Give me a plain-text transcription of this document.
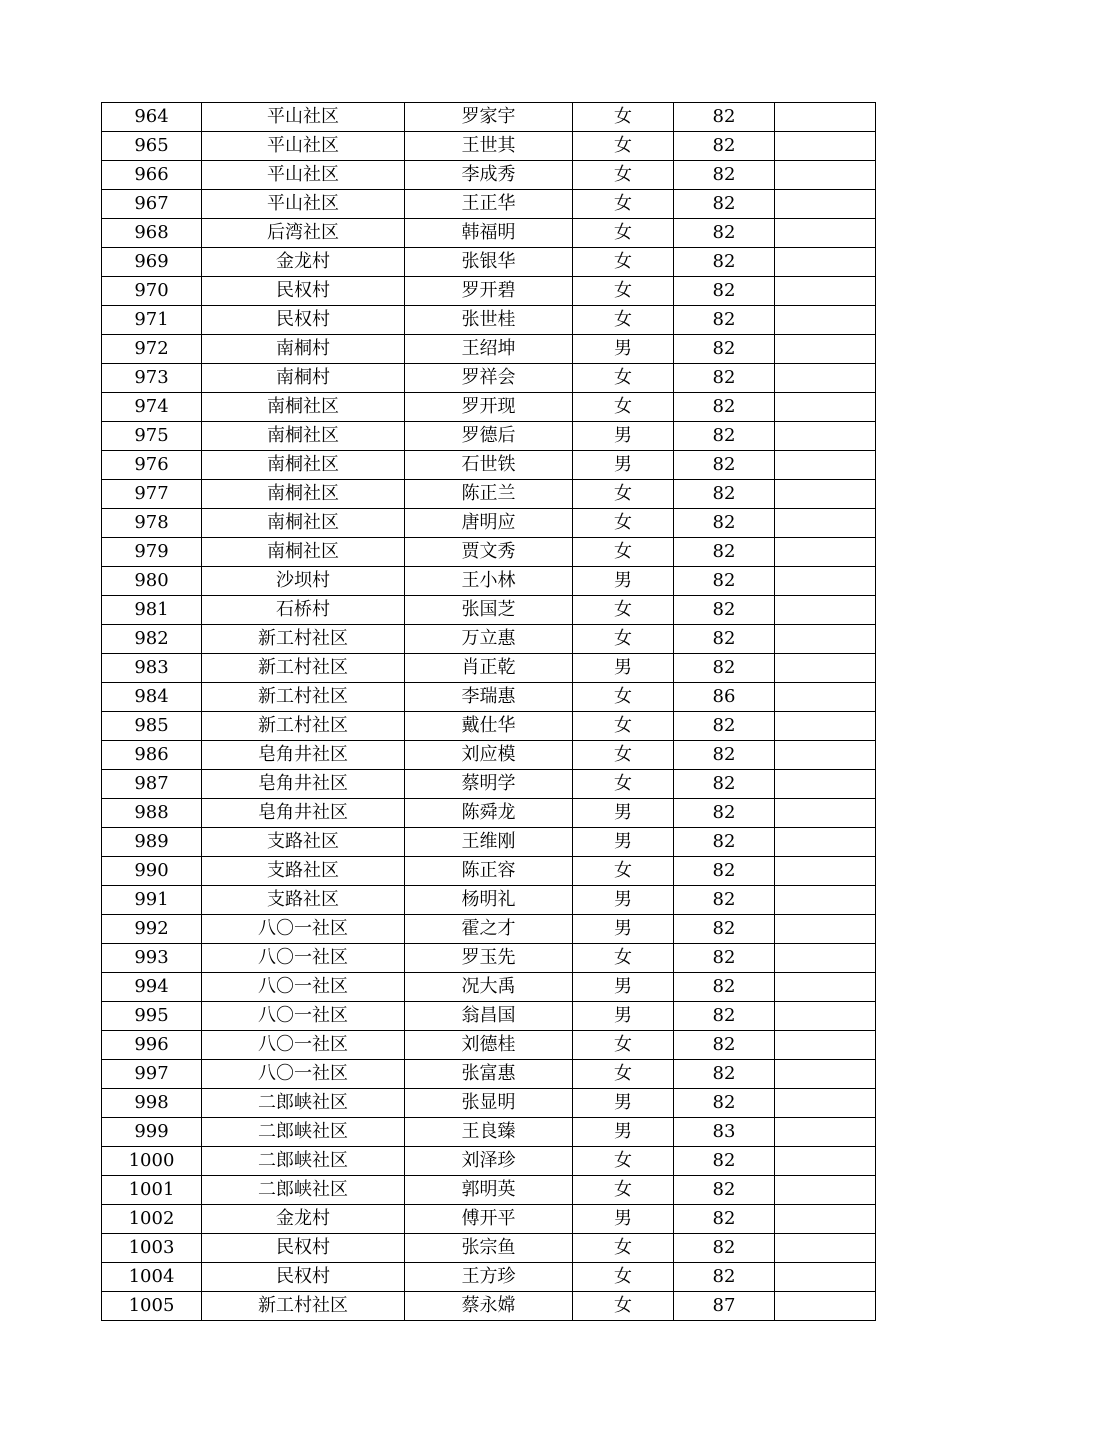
964	平山社区	罗家宇	女	82	
965	平山社区	王世其	女	82	
966	平山社区	李成秀	女	82	
967	平山社区	王正华	女	82	
968	后湾社区	韩福明	女	82	
969	金龙村	张银华	女	82	
970	民权村	罗开碧	女	82	
971	民权村	张世桂	女	82	
972	南桐村	王绍坤	男	82	
973	南桐村	罗祥会	女	82	
974	南桐社区	罗开现	女	82	
975	南桐社区	罗德后	男	82	
976	南桐社区	石世铁	男	82	
977	南桐社区	陈正兰	女	82	
978	南桐社区	唐明应	女	82	
979	南桐社区	贾文秀	女	82	
980	沙坝村	王小林	男	82	
981	石桥村	张国芝	女	82	
982	新工村社区	万立惠	女	82	
983	新工村社区	肖正乾	男	82	
984	新工村社区	李瑞惠	女	86	
985	新工村社区	戴仕华	女	82	
986	皂角井社区	刘应模	女	82	
987	皂角井社区	蔡明学	女	82	
988	皂角井社区	陈舜龙	男	82	
989	支路社区	王维刚	男	82	
990	支路社区	陈正容	女	82	
991	支路社区	杨明礼	男	82	
992	八〇一社区	霍之才	男	82	
993	八〇一社区	罗玉先	女	82	
994	八〇一社区	况大禹	男	82	
995	八〇一社区	翁昌国	男	82	
996	八〇一社区	刘德桂	女	82	
997	八〇一社区	张富惠	女	82	
998	二郎峡社区	张显明	男	82	
999	二郎峡社区	王良臻	男	83	
1000	二郎峡社区	刘泽珍	女	82	
1001	二郎峡社区	郭明英	女	82	
1002	金龙村	傅开平	男	82	
1003	民权村	张宗鱼	女	82	
1004	民权村	王方珍	女	82	
1005	新工村社区	蔡永嫦	女	87	
